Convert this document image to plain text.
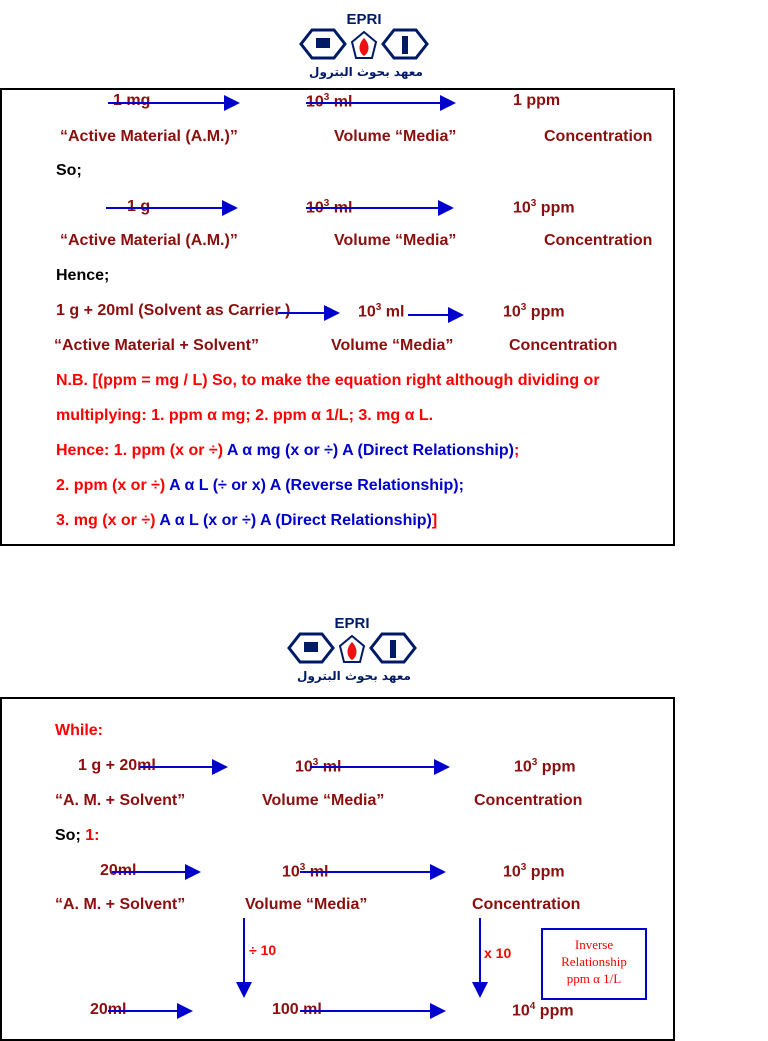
EPRI
معهد بحوث البترول
1 mg	$10^3$ ml	1 ppm
“Active Material (A.M.)”	Volume “Media”	Concentration
So;
1 g	$10^3$ ml	$10^3$ ppm
“Active Material (A.M.)”	Volume “Media”	Concentration
Hence;
1 g + 20ml (Solvent as Carrier )	$10^3$ ml	$10^3$ ppm
“Active Material + Solvent”	Volume “Media”	Concentration
N.B. [(ppm = mg / L) So, to make the equation right although dividing or
multiplying: 1. ppm α mg; 2. ppm α 1/L; 3. mg α L.
Hence: 1. ppm (x or ÷) A α mg (x or ÷) A (Direct Relationship);
2. ppm (x or ÷) A α L (÷ or x) A (Reverse Relationship);
3. mg (x or ÷) A α L (x or ÷) A (Direct Relationship)]
EPRI
معهد بحوث البترول
While:
1 g + 20ml	$10^3$ ml	$10^3$ ppm
“A. M. + Solvent”	Volume “Media”	Concentration
So; 1:
20ml	$10^3$ ml	$10^3$ ppm
“A. M. + Solvent”	Volume “Media”	Concentration
÷ 10	x 10
Inverse
Relationship
ppm α 1/L
20ml	100 ml	$10^4$ ppm
